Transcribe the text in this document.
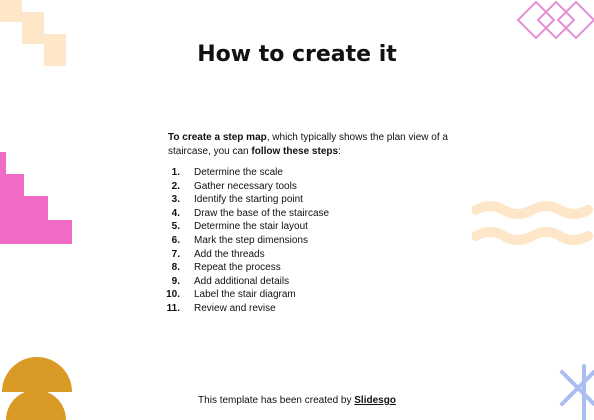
How to create it
To create a step map, which typically shows the plan view of a staircase, you can follow these steps:
1. Determine the scale
2. Gather necessary tools
3. Identify the starting point
4. Draw the base of the staircase
5. Determine the stair layout
6. Mark the step dimensions
7. Add the threads
8. Repeat the process
9. Add additional details
10. Label the stair diagram
11. Review and revise
This template has been created by Slidesgo
